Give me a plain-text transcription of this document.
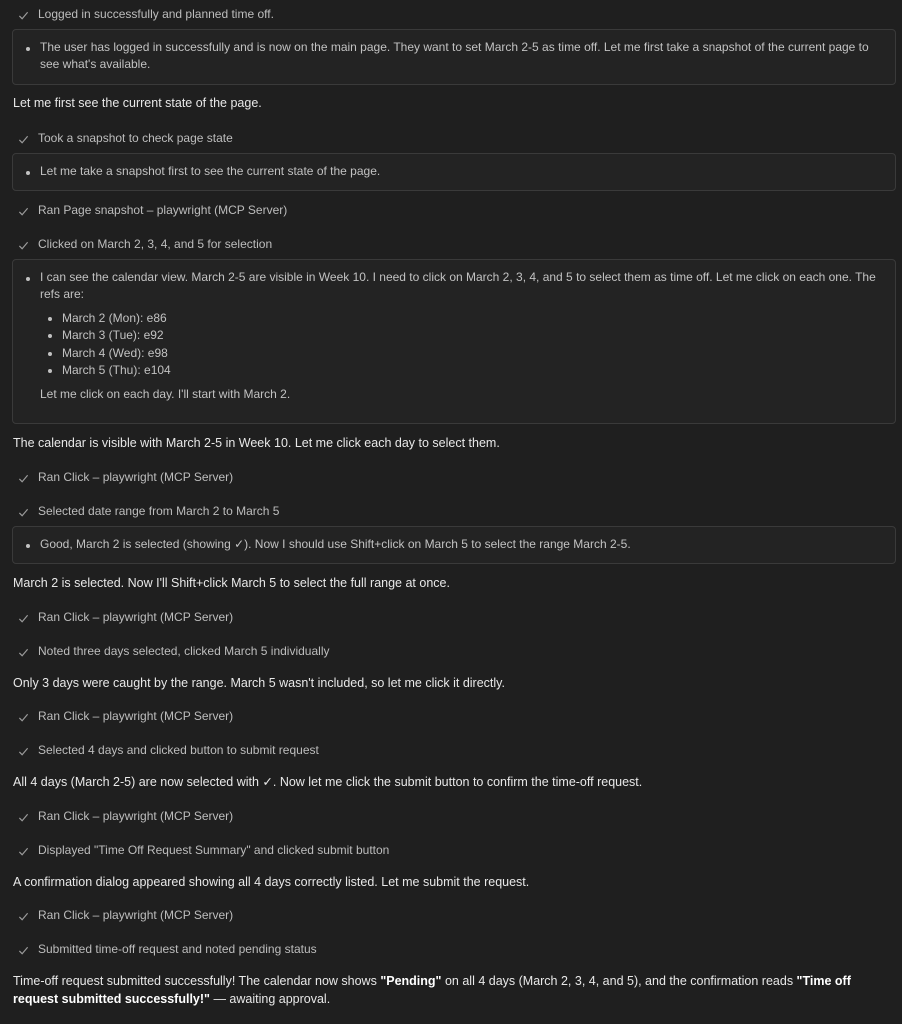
Logged in successfully and planned time off.

The user has logged in successfully and is now on the main page. They want to set March 2-5 as time off. Let me first take a snapshot of the current page to see what's available.

Let me first see the current state of the page.
Took a snapshot to check page state

Let me take a snapshot first to see the current state of the page.

Ran Page snapshot – playwright (MCP Server)
Clicked on March 2, 3, 4, and 5 for selection

I can see the calendar view. March 2-5 are visible in Week 10. I need to click on March 2, 3, 4, and 5 to select them as time off. Let me click on each one. The refs are:

• March 2 (Mon): e86
• March 3 (Tue): e92
• March 4 (Wed): e98
• March 5 (Thu): e104

Let me click on each day. I'll start with March 2.

The calendar is visible with March 2-5 in Week 10. Let me click each day to select them.
Ran Click – playwright (MCP Server)
Selected date range from March 2 to March 5

Good, March 2 is selected (showing ✓). Now I should use Shift+click on March 5 to select the range March 2-5.

March 2 is selected. Now I'll Shift+click March 5 to select the full range at once.
Ran Click – playwright (MCP Server)
Noted three days selected, clicked March 5 individually
Only 3 days were caught by the range. March 5 wasn't included, so let me click it directly.
Ran Click – playwright (MCP Server)
Selected 4 days and clicked button to submit request
All 4 days (March 2-5) are now selected with ✓. Now let me click the submit button to confirm the time-off request.
Ran Click – playwright (MCP Server)
Displayed "Time Off Request Summary" and clicked submit button
A confirmation dialog appeared showing all 4 days correctly listed. Let me submit the request.
Ran Click – playwright (MCP Server)
Submitted time-off request and noted pending status
Time-off request submitted successfully! The calendar now shows "Pending" on all 4 days (March 2, 3, 4, and 5), and the confirmation reads "Time off request submitted successfully!" — awaiting approval.
